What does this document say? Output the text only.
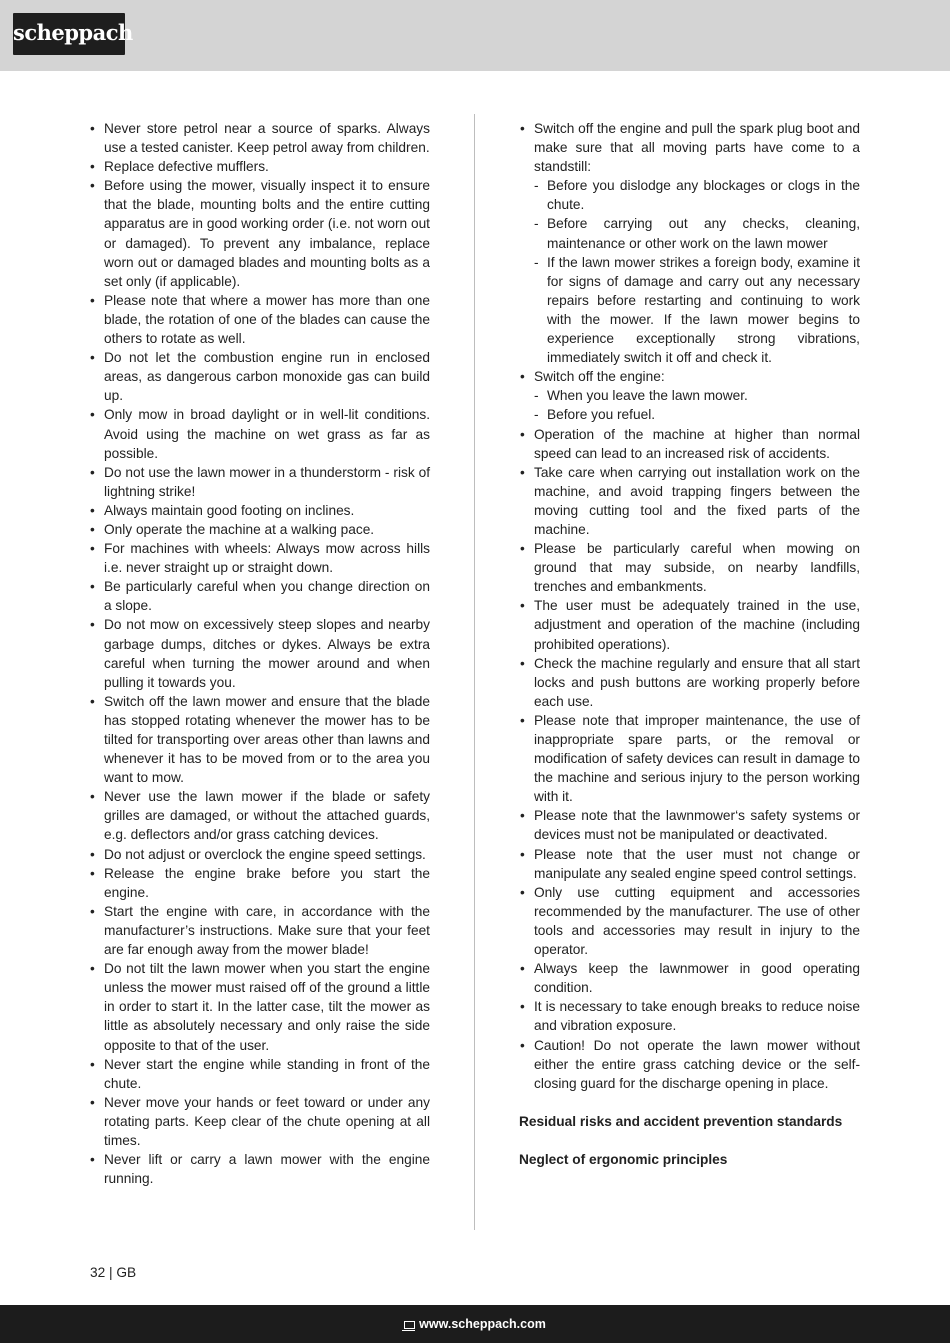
scheppach
• Never store petrol near a source of sparks. Always use a tested canister. Keep petrol away from children.
• Replace defective mufflers.
• Before using the mower, visually inspect it to ensure that the blade, mounting bolts and the entire cutting apparatus are in good working order (i.e. not worn out or damaged). To prevent any imbalance, replace worn out or damaged blades and mounting bolts as a set only (if applicable).
• Please note that where a mower has more than one blade, the rotation of one of the blades can cause the others to rotate as well.
• Do not let the combustion engine run in enclosed areas, as dangerous carbon monoxide gas can build up.
• Only mow in broad daylight or in well-lit conditions. Avoid using the machine on wet grass as far as possible.
• Do not use the lawn mower in a thunderstorm - risk of lightning strike!
• Always maintain good footing on inclines.
• Only operate the machine at a walking pace.
• For machines with wheels: Always mow across hills i.e. never straight up or straight down.
• Be particularly careful when you change direction on a slope.
• Do not mow on excessively steep slopes and nearby garbage dumps, ditches or dykes. Always be extra careful when turning the mower around and when pulling it towards you.
• Switch off the lawn mower and ensure that the blade has stopped rotating whenever the mower has to be tilted for transporting over areas other than lawns and whenever it has to be moved from or to the area you want to mow.
• Never use the lawn mower if the blade or safety grilles are damaged, or without the attached guards, e.g. deflectors and/or grass catching devices.
• Do not adjust or overclock the engine speed settings.
• Release the engine brake before you start the engine.
• Start the engine with care, in accordance with the manufacturer’s instructions. Make sure that your feet are far enough away from the mower blade!
• Do not tilt the lawn mower when you start the engine unless the mower must raised off of the ground a little in order to start it. In the latter case, tilt the mower as little as absolutely necessary and only raise the side opposite to that of the user.
• Never start the engine while standing in front of the chute.
• Never move your hands or feet toward or under any rotating parts. Keep clear of the chute opening at all times.
• Never lift or carry a lawn mower with the engine running.
• Switch off the engine and pull the spark plug boot and make sure that all moving parts have come to a standstill:
- Before you dislodge any blockages or clogs in the chute.
- Before carrying out any checks, cleaning, maintenance or other work on the lawn mower
- If the lawn mower strikes a foreign body, examine it for signs of damage and carry out any necessary repairs before restarting and continuing to work with the mower. If the lawn mower begins to experience exceptionally strong vibrations, immediately switch it off and check it.
• Switch off the engine:
- When you leave the lawn mower.
- Before you refuel.
• Operation of the machine at higher than normal speed can lead to an increased risk of accidents.
• Take care when carrying out installation work on the machine, and avoid trapping fingers between the moving cutting tool and the fixed parts of the machine.
• Please be particularly careful when mowing on ground that may subside, on nearby landfills, trenches and embankments.
• The user must be adequately trained in the use, adjustment and operation of the machine (including prohibited operations).
• Check the machine regularly and ensure that all start locks and push buttons are working properly before each use.
• Please note that improper maintenance, the use of inappropriate spare parts, or the removal or modification of safety devices can result in damage to the machine and serious injury to the person working with it.
• Please note that the lawnmower‘s safety systems or devices must not be manipulated or deactivated.
• Please note that the user must not change or manipulate any sealed engine speed control settings.
• Only use cutting equipment and accessories recommended by the manufacturer. The use of other tools and accessories may result in injury to the operator.
• Always keep the lawnmower in good operating condition.
• It is necessary to take enough breaks to reduce noise and vibration exposure.
• Caution! Do not operate the lawn mower without either the entire grass catching device or the self-closing guard for the discharge opening in place.
Residual risks and accident prevention standards
Neglect of ergonomic principles
32 | GB
www.scheppach.com
